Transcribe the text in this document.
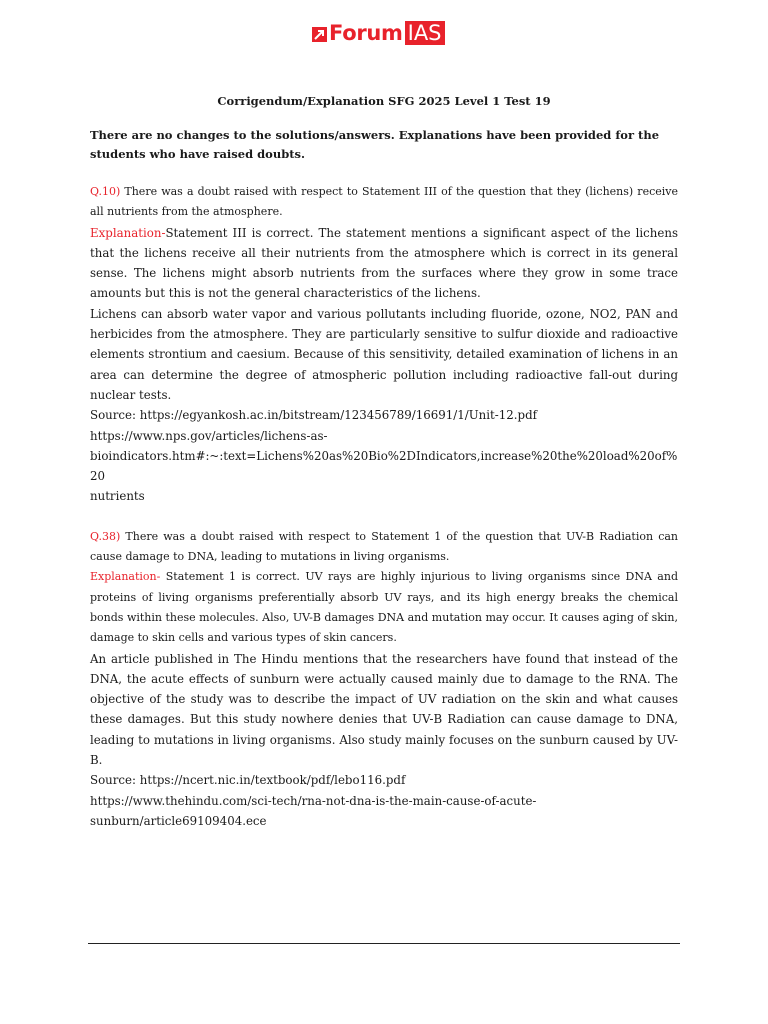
Forum IAS
Corrigendum/Explanation SFG 2025 Level 1 Test 19
There are no changes to the solutions/answers. Explanations have been provided for the students who have raised doubts.

Q.10) There was a doubt raised with respect to Statement III of the question that they (lichens) receive all nutrients from the atmosphere.

Explanation-Statement III is correct. The statement mentions a significant aspect of the lichens that the lichens receive all their nutrients from the atmosphere which is correct in its general sense. The lichens might absorb nutrients from the surfaces where they grow in some trace amounts but this is not the general characteristics of the lichens.

Lichens can absorb water vapor and various pollutants including fluoride, ozone, NO2, PAN and herbicides from the atmosphere. They are particularly sensitive to sulfur dioxide and radioactive elements strontium and caesium. Because of this sensitivity, detailed examination of lichens in an area can determine the degree of atmospheric pollution including radioactive fall-out during nuclear tests.

Source: https://egyankosh.ac.in/bitstream/123456789/16691/1/Unit-12.pdf

https://www.nps.gov/articles/lichens-as-

bioindicators.htm#:~:text=Lichens%20as%20Bio%2DIndicators,increase%20the%20load%20of%20

nutrients

Q.38) There was a doubt raised with respect to Statement 1 of the question that UV-B Radiation can cause damage to DNA, leading to mutations in living organisms.

Explanation- Statement 1 is correct. UV rays are highly injurious to living organisms since DNA and proteins of living organisms preferentially absorb UV rays, and its high energy breaks the chemical bonds within these molecules. Also, UV-B damages DNA and mutation may occur. It causes aging of skin, damage to skin cells and various types of skin cancers.

An article published in The Hindu mentions that the researchers have found that instead of the DNA, the acute effects of sunburn were actually caused mainly due to damage to the RNA. The objective of the study was to describe the impact of UV radiation on the skin and what causes these damages. But this study nowhere denies that UV-B Radiation can cause damage to DNA, leading to mutations in living organisms. Also study mainly focuses on the sunburn caused by UV-B.

Source: https://ncert.nic.in/textbook/pdf/lebo116.pdf

https://www.thehindu.com/sci-tech/rna-not-dna-is-the-main-cause-of-acute-

sunburn/article69109404.ece
